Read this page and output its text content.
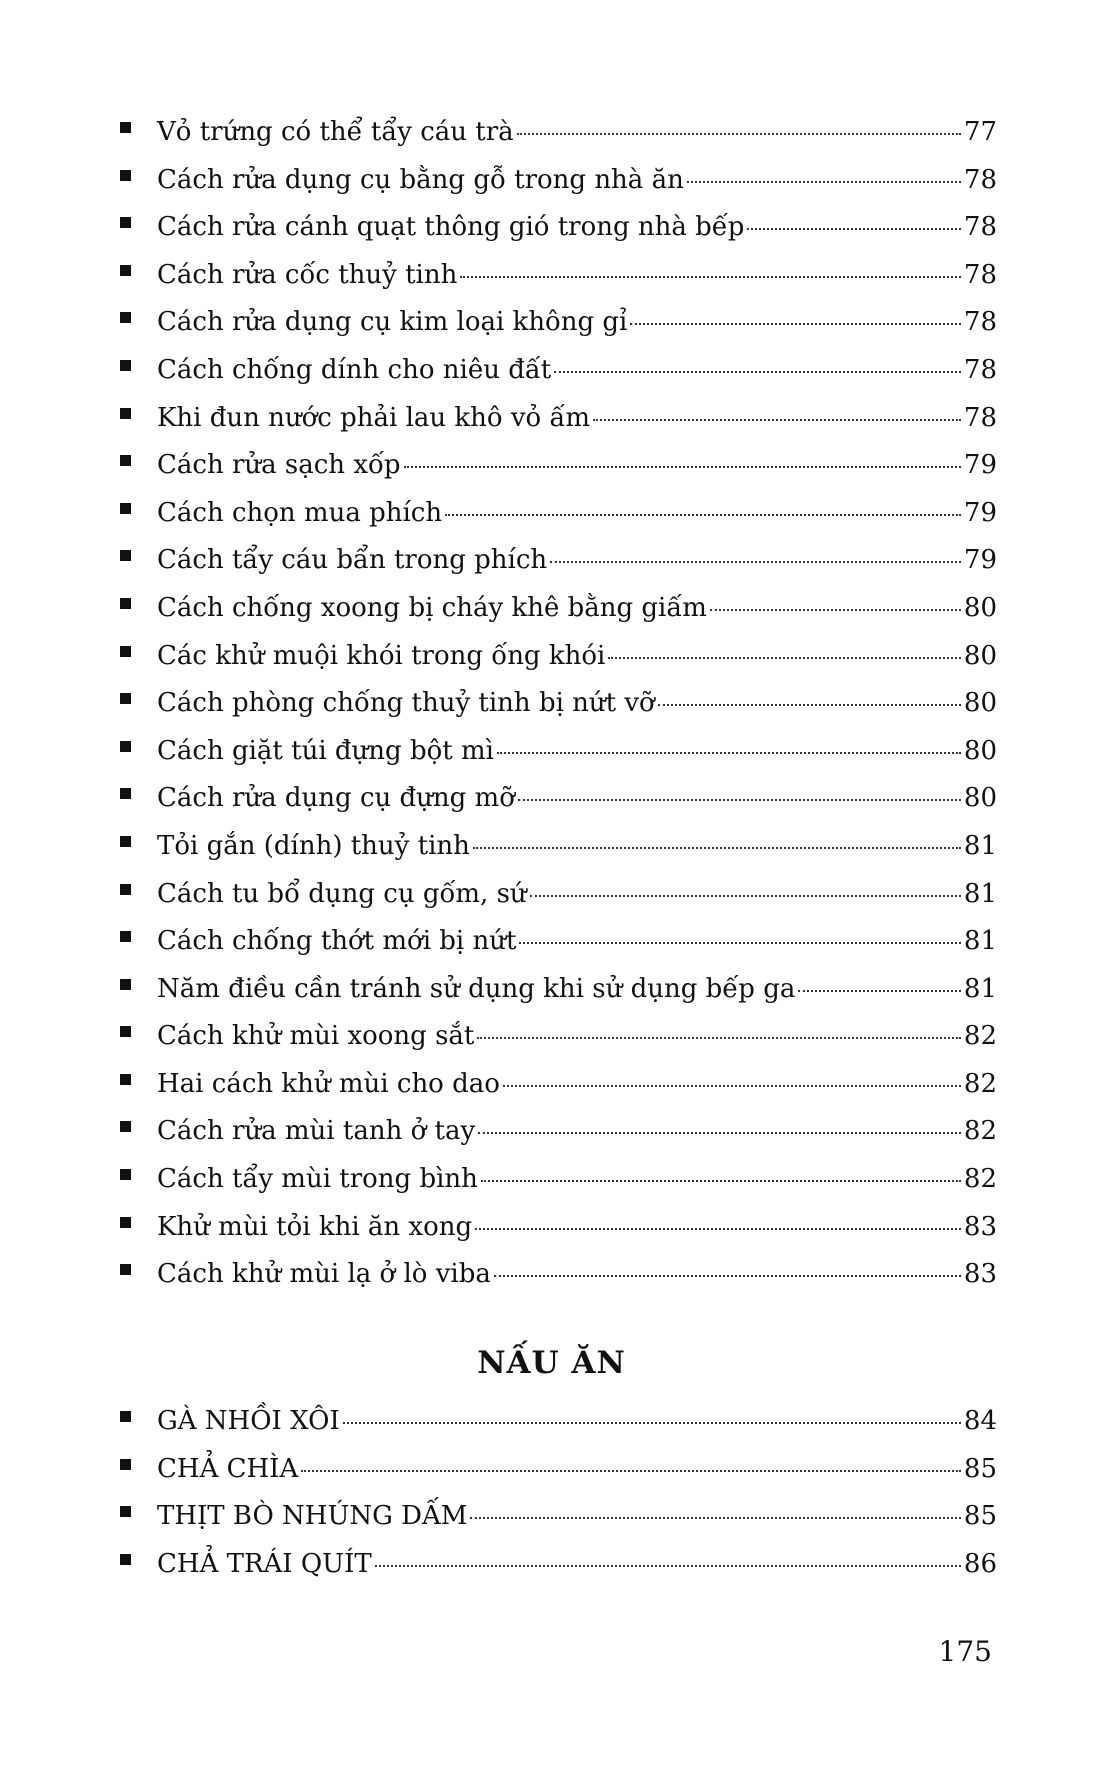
Vỏ trứng có thể tẩy cáu trà	77
Cách rửa dụng cụ bằng gỗ trong nhà ăn	78
Cách rửa cánh quạt thông gió trong nhà bếp	78
Cách rửa cốc thuỷ tinh	78
Cách rửa dụng cụ kim loại không gỉ	78
Cách chống dính cho niêu đất	78
Khi đun nước phải lau khô vỏ ấm	78
Cách rửa sạch xốp	79
Cách chọn mua phích	79
Cách tẩy cáu bẩn trong phích	79
Cách chống xoong bị cháy khê bằng giấm	80
Các khử muội khói trong ống khói	80
Cách phòng chống thuỷ tinh bị nứt vỡ	80
Cách giặt túi đựng bột mì	80
Cách rửa dụng cụ đựng mỡ	80
Tỏi gắn (dính) thuỷ tinh	81
Cách tu bổ dụng cụ gốm, sứ	81
Cách chống thớt mới bị nứt	81
Năm điều cần tránh sử dụng khi sử dụng bếp ga	81
Cách khử mùi xoong sắt	82
Hai cách khử mùi cho dao	82
Cách rửa mùi tanh ở tay	82
Cách tẩy mùi trong bình	82
Khử mùi tỏi khi ăn xong	83
Cách khử mùi lạ ở lò viba	83
NẤU ĂN
GÀ NHỒI XÔI	84
CHẢ CHÌA	85
THỊT BÒ NHÚNG DẤM	85
CHẢ TRÁI QUÍT	86
175
